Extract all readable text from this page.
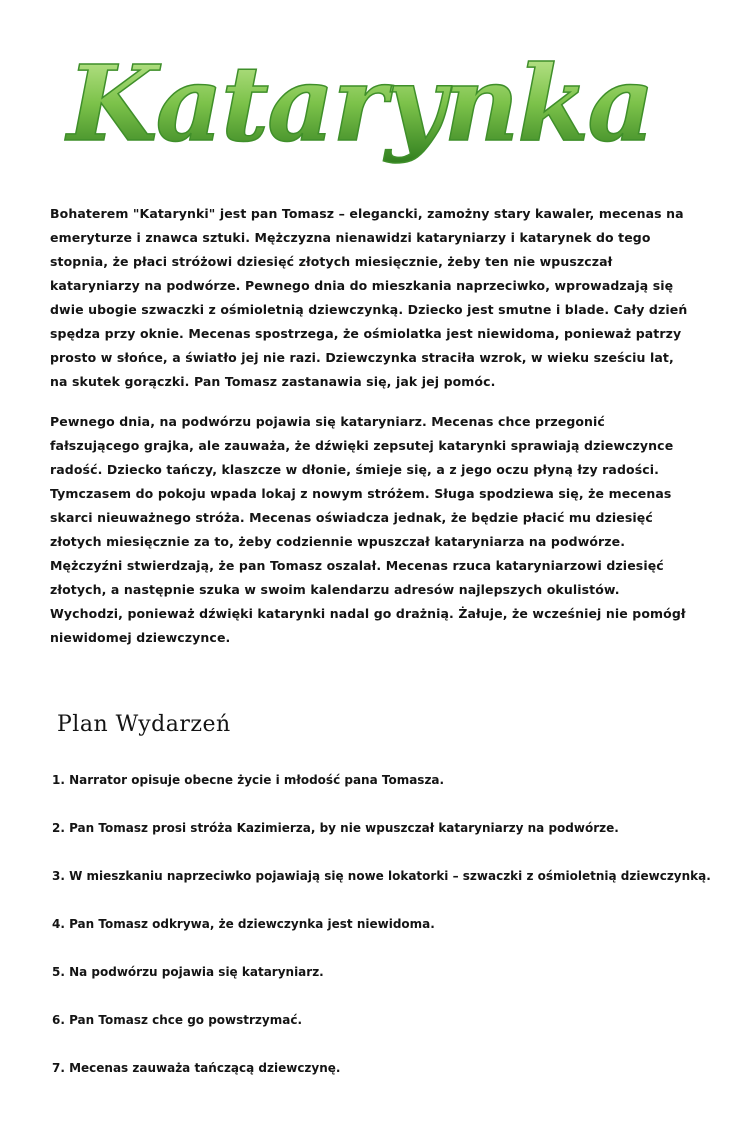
Katarynka

Bohaterem "Katarynki" jest pan Tomasz – elegancki, zamożny stary kawaler, mecenas na emeryturze i znawca sztuki. Mężczyzna nienawidzi kataryniarzy i katarynek do tego stopnia, że płaci stróżowi dziesięć złotych miesięcznie, żeby ten nie wpuszczał kataryniarzy na podwórze. Pewnego dnia do mieszkania naprzeciwko, wprowadzają się dwie ubogie szwaczki z ośmioletnią dziewczynką. Dziecko jest smutne i blade. Cały dzień spędza przy oknie. Mecenas spostrzega, że ośmiolatka jest niewidoma, ponieważ patrzy prosto w słońce, a światło jej nie razi. Dziewczynka straciła wzrok, w wieku sześciu lat, na skutek gorączki. Pan Tomasz zastanawia się, jak jej pomóc.

Pewnego dnia, na podwórzu pojawia się kataryniarz. Mecenas chce przegonić fałszującego grajka, ale zauważa, że dźwięki zepsutej katarynki sprawiają dziewczynce radość. Dziecko tańczy, klaszcze w dłonie, śmieje się, a z jego oczu płyną łzy radości. Tymczasem do pokoju wpada lokaj z nowym stróżem. Sługa spodziewa się, że mecenas skarci nieuważnego stróża. Mecenas oświadcza jednak, że będzie płacić mu dziesięć złotych miesięcznie za to, żeby codziennie wpuszczał kataryniarza na podwórze. Mężczyźni stwierdzają, że pan Tomasz oszalał. Mecenas rzuca kataryniarzowi dziesięć złotych, a następnie szuka w swoim kalendarzu adresów najlepszych okulistów. Wychodzi, ponieważ dźwięki katarynki nadal go drażnią. Żałuje, że wcześniej nie pomógł niewidomej dziewczynce.

Plan Wydarzeń
1. Narrator opisuje obecne życie i młodość pana Tomasza.
2. Pan Tomasz prosi stróża Kazimierza, by nie wpuszczał kataryniarzy na podwórze.
3. W mieszkaniu naprzeciwko pojawiają się nowe lokatorki – szwaczki z ośmioletnią dziewczynką.
4. Pan Tomasz odkrywa, że dziewczynka jest niewidoma.
5. Na podwórzu pojawia się kataryniarz.
6. Pan Tomasz chce go powstrzymać.
7. Mecenas zauważa tańczącą dziewczynę.
